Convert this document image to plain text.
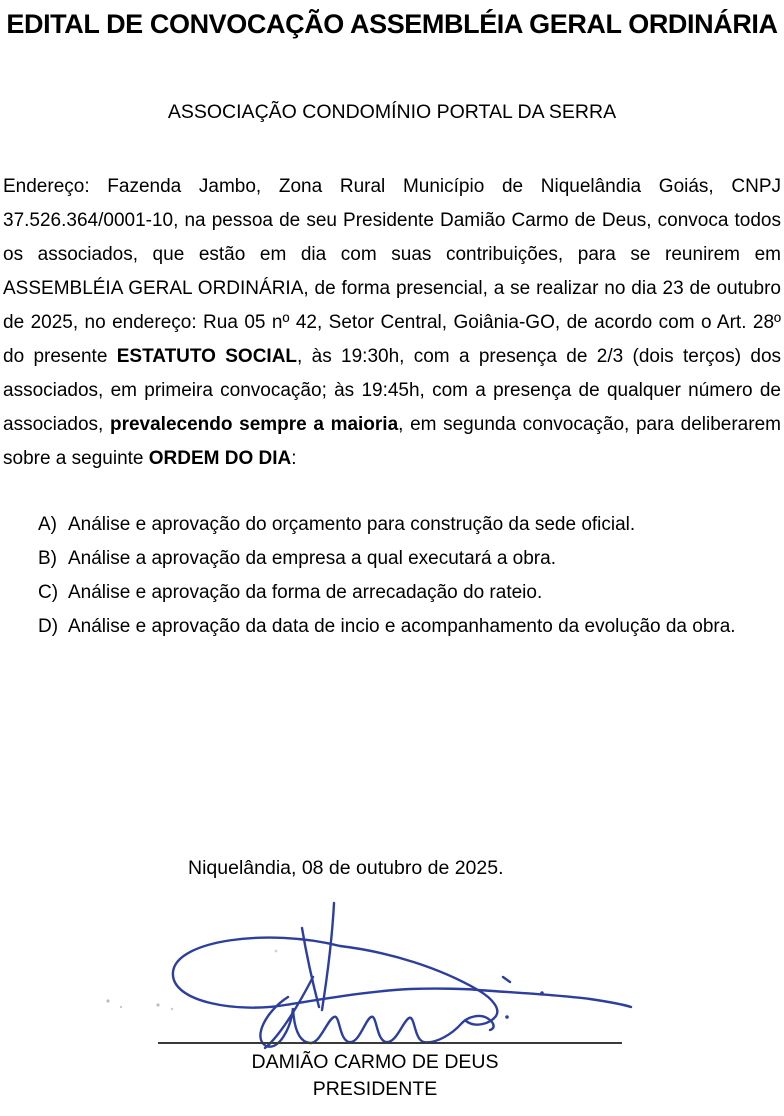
EDITAL DE CONVOCAÇÃO ASSEMBLÉIA GERAL ORDINÁRIA
ASSOCIAÇÃO CONDOMÍNIO PORTAL DA SERRA

Endereço: Fazenda Jambo, Zona Rural Município de Niquelândia Goiás, CNPJ 37.526.364/0001-10, na pessoa de seu Presidente Damião Carmo de Deus, convoca todos os associados, que estão em dia com suas contribuições, para se reunirem em ASSEMBLÉIA GERAL ORDINÁRIA, de forma presencial, a se realizar no dia 23 de outubro de 2025, no endereço: Rua 05 nº 42, Setor Central, Goiânia-GO, de acordo com o Art. 28º do presente ESTATUTO SOCIAL, às 19:30h, com a presença de 2/3 (dois terços) dos associados, em primeira convocação; às 19:45h, com a presença de qualquer número de associados, prevalecendo sempre a maioria, em segunda convocação, para deliberarem sobre a seguinte ORDEM DO DIA:

A) Análise e aprovação do orçamento para construção da sede oficial.
B) Análise a aprovação da empresa a qual executará a obra.
C) Análise e aprovação da forma de arrecadação do rateio.
D) Análise e aprovação da data de incio e acompanhamento da evolução da obra.
Niquelândia, 08 de outubro de 2025.
DAMIÃO CARMO DE DEUS
PRESIDENTE
